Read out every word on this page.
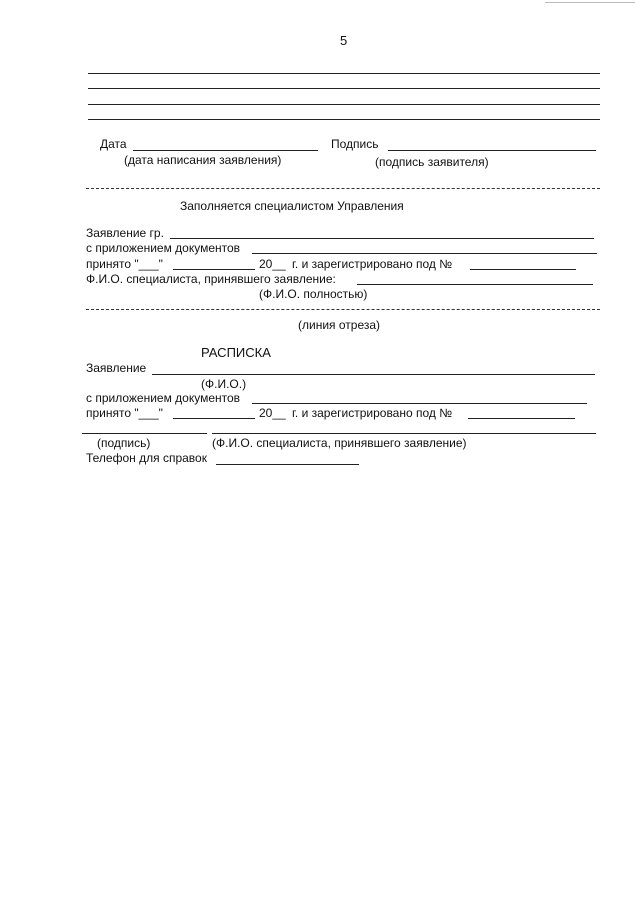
5
Дата
(дата написания заявления)
Подпись
(подпись заявителя)
Заполняется специалистом Управления
Заявление гр.
с приложением документов
принято "___"	20__ г. и зарегистрировано под №
Ф.И.О. специалиста, принявшего заявление:
(Ф.И.О. полностью)
(линия отреза)
РАСПИСКА
Заявление
(Ф.И.О.)
с приложением документов
принято "___"	20__ г. и зарегистрировано под №
(подпись)	(Ф.И.О. специалиста, принявшего заявление)
Телефон для справок
